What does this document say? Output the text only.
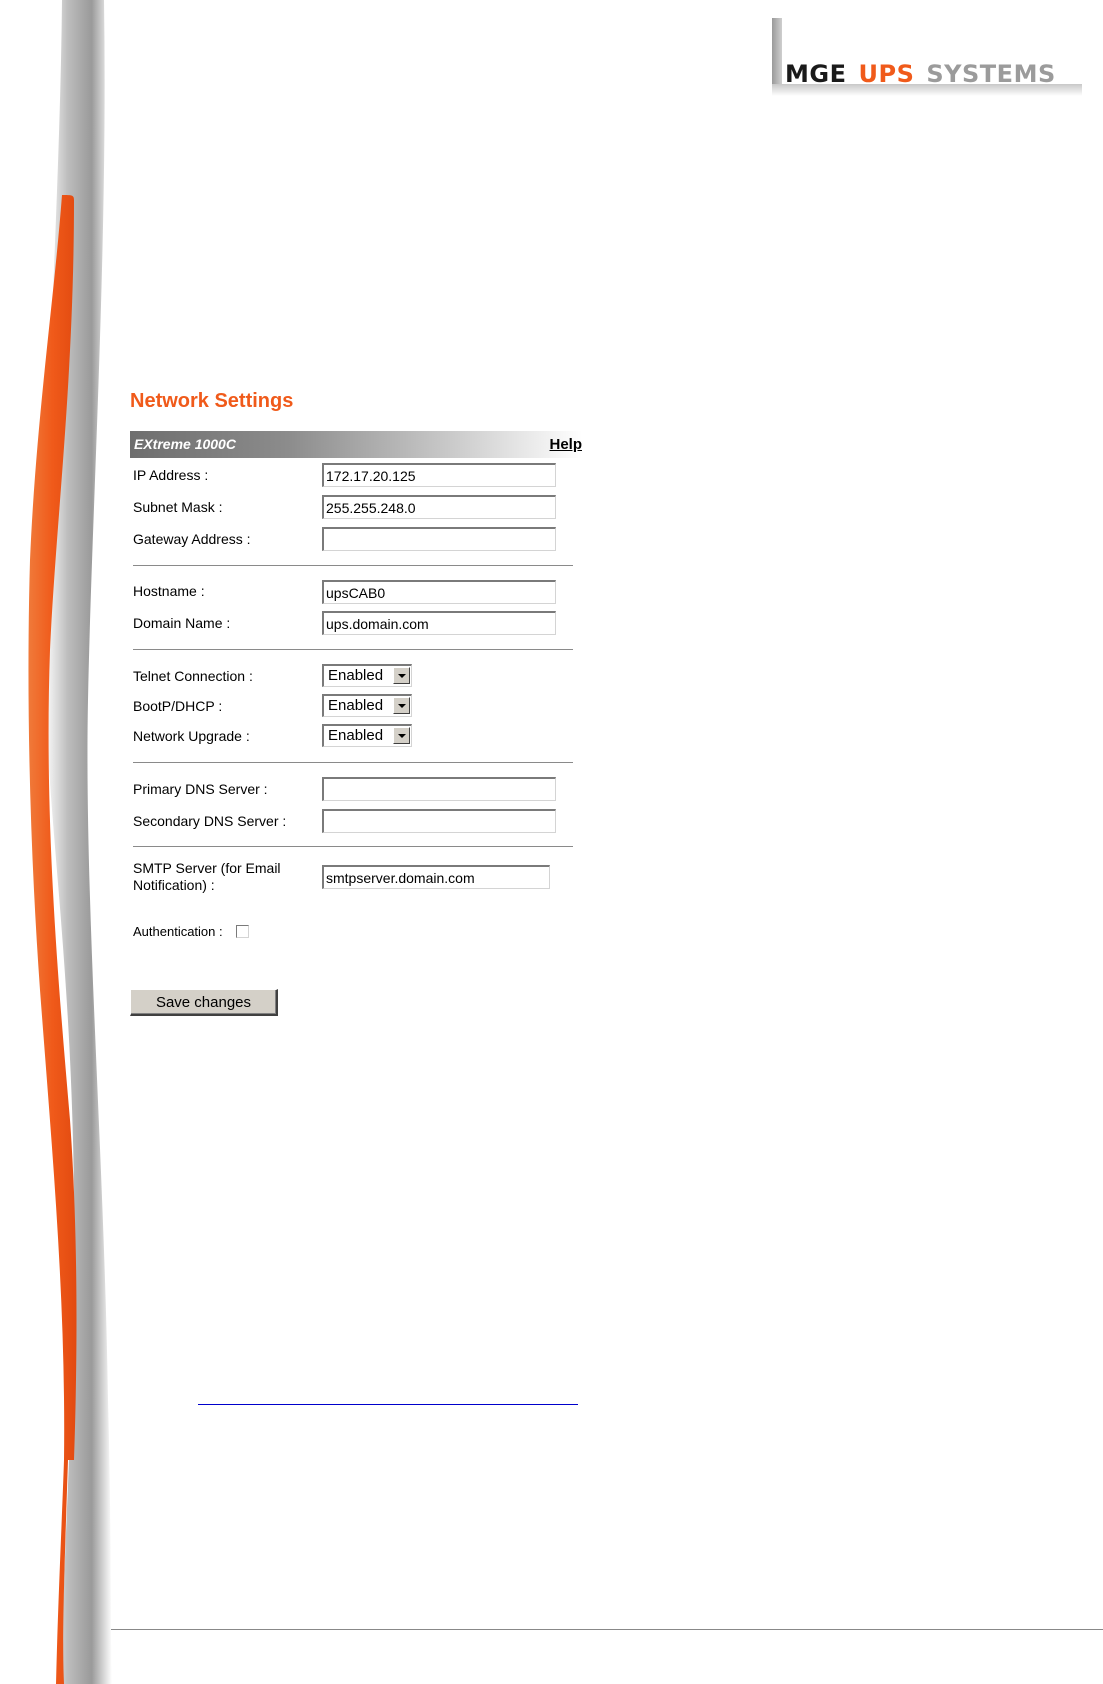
MGE UPS SYSTEMS
Network Settings
EXtreme 1000C	Help
IP Address :
172.17.20.125
Subnet Mask :
255.255.248.0
Gateway Address :
Hostname :
upsCAB0
Domain Name :
ups.domain.com
Telnet Connection :	Enabled
BootP/DHCP :	Enabled
Network Upgrade :	Enabled
Primary DNS Server :
Secondary DNS Server :
SMTP Server (for Email Notification) :
smtpserver.domain.com
Authentication :
Save changes
